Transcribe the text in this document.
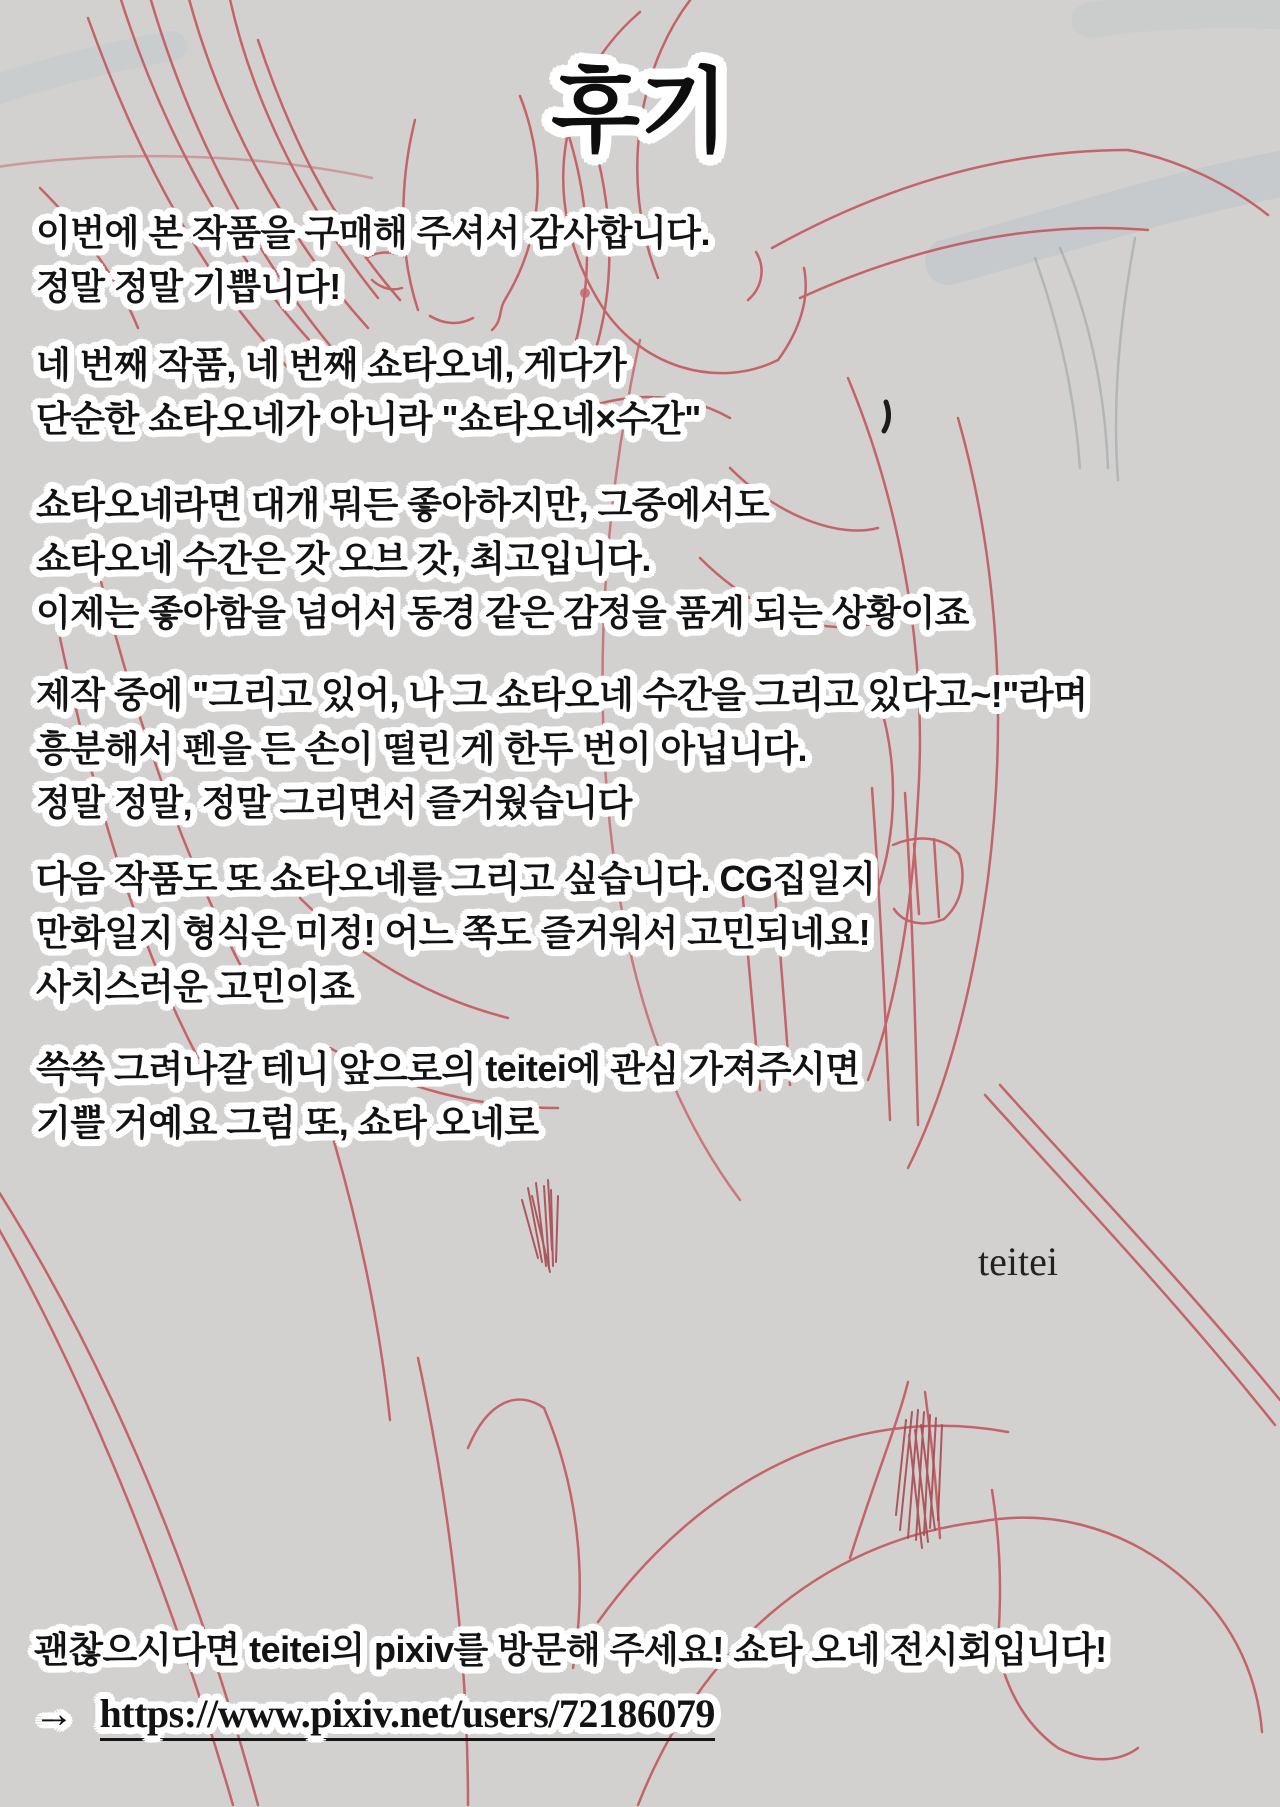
후기
이번에 본 작품을 구매해 주셔서 감사합니다.
정말 정말 기쁩니다!
네 번째 작품, 네 번째 쇼타오네, 게다가
단순한 쇼타오네가 아니라 "쇼타오네×수간"
쇼타오네라면 대개 뭐든 좋아하지만, 그중에서도
쇼타오네 수간은 갓 오브 갓, 최고입니다.
이제는 좋아함을 넘어서 동경 같은 감정을 품게 되는 상황이죠
제작 중에 "그리고 있어, 나 그 쇼타오네 수간을 그리고 있다고~!"라며
흥분해서 펜을 든 손이 떨린 게 한두 번이 아닙니다.
정말 정말, 정말 그리면서 즐거웠습니다
다음 작품도 또 쇼타오네를 그리고 싶습니다. CG집일지
만화일지 형식은 미정! 어느 쪽도 즐거워서 고민되네요!
사치스러운 고민이죠
쓱쓱 그려나갈 테니 앞으로의 teitei에 관심 가져주시면
기쁠 거예요 그럼 또, 쇼타 오네로
teitei
괜찮으시다면 teitei의 pixiv를 방문해 주세요! 쇼타 오네 전시회입니다!
→ https://www.pixiv.net/users/72186079
